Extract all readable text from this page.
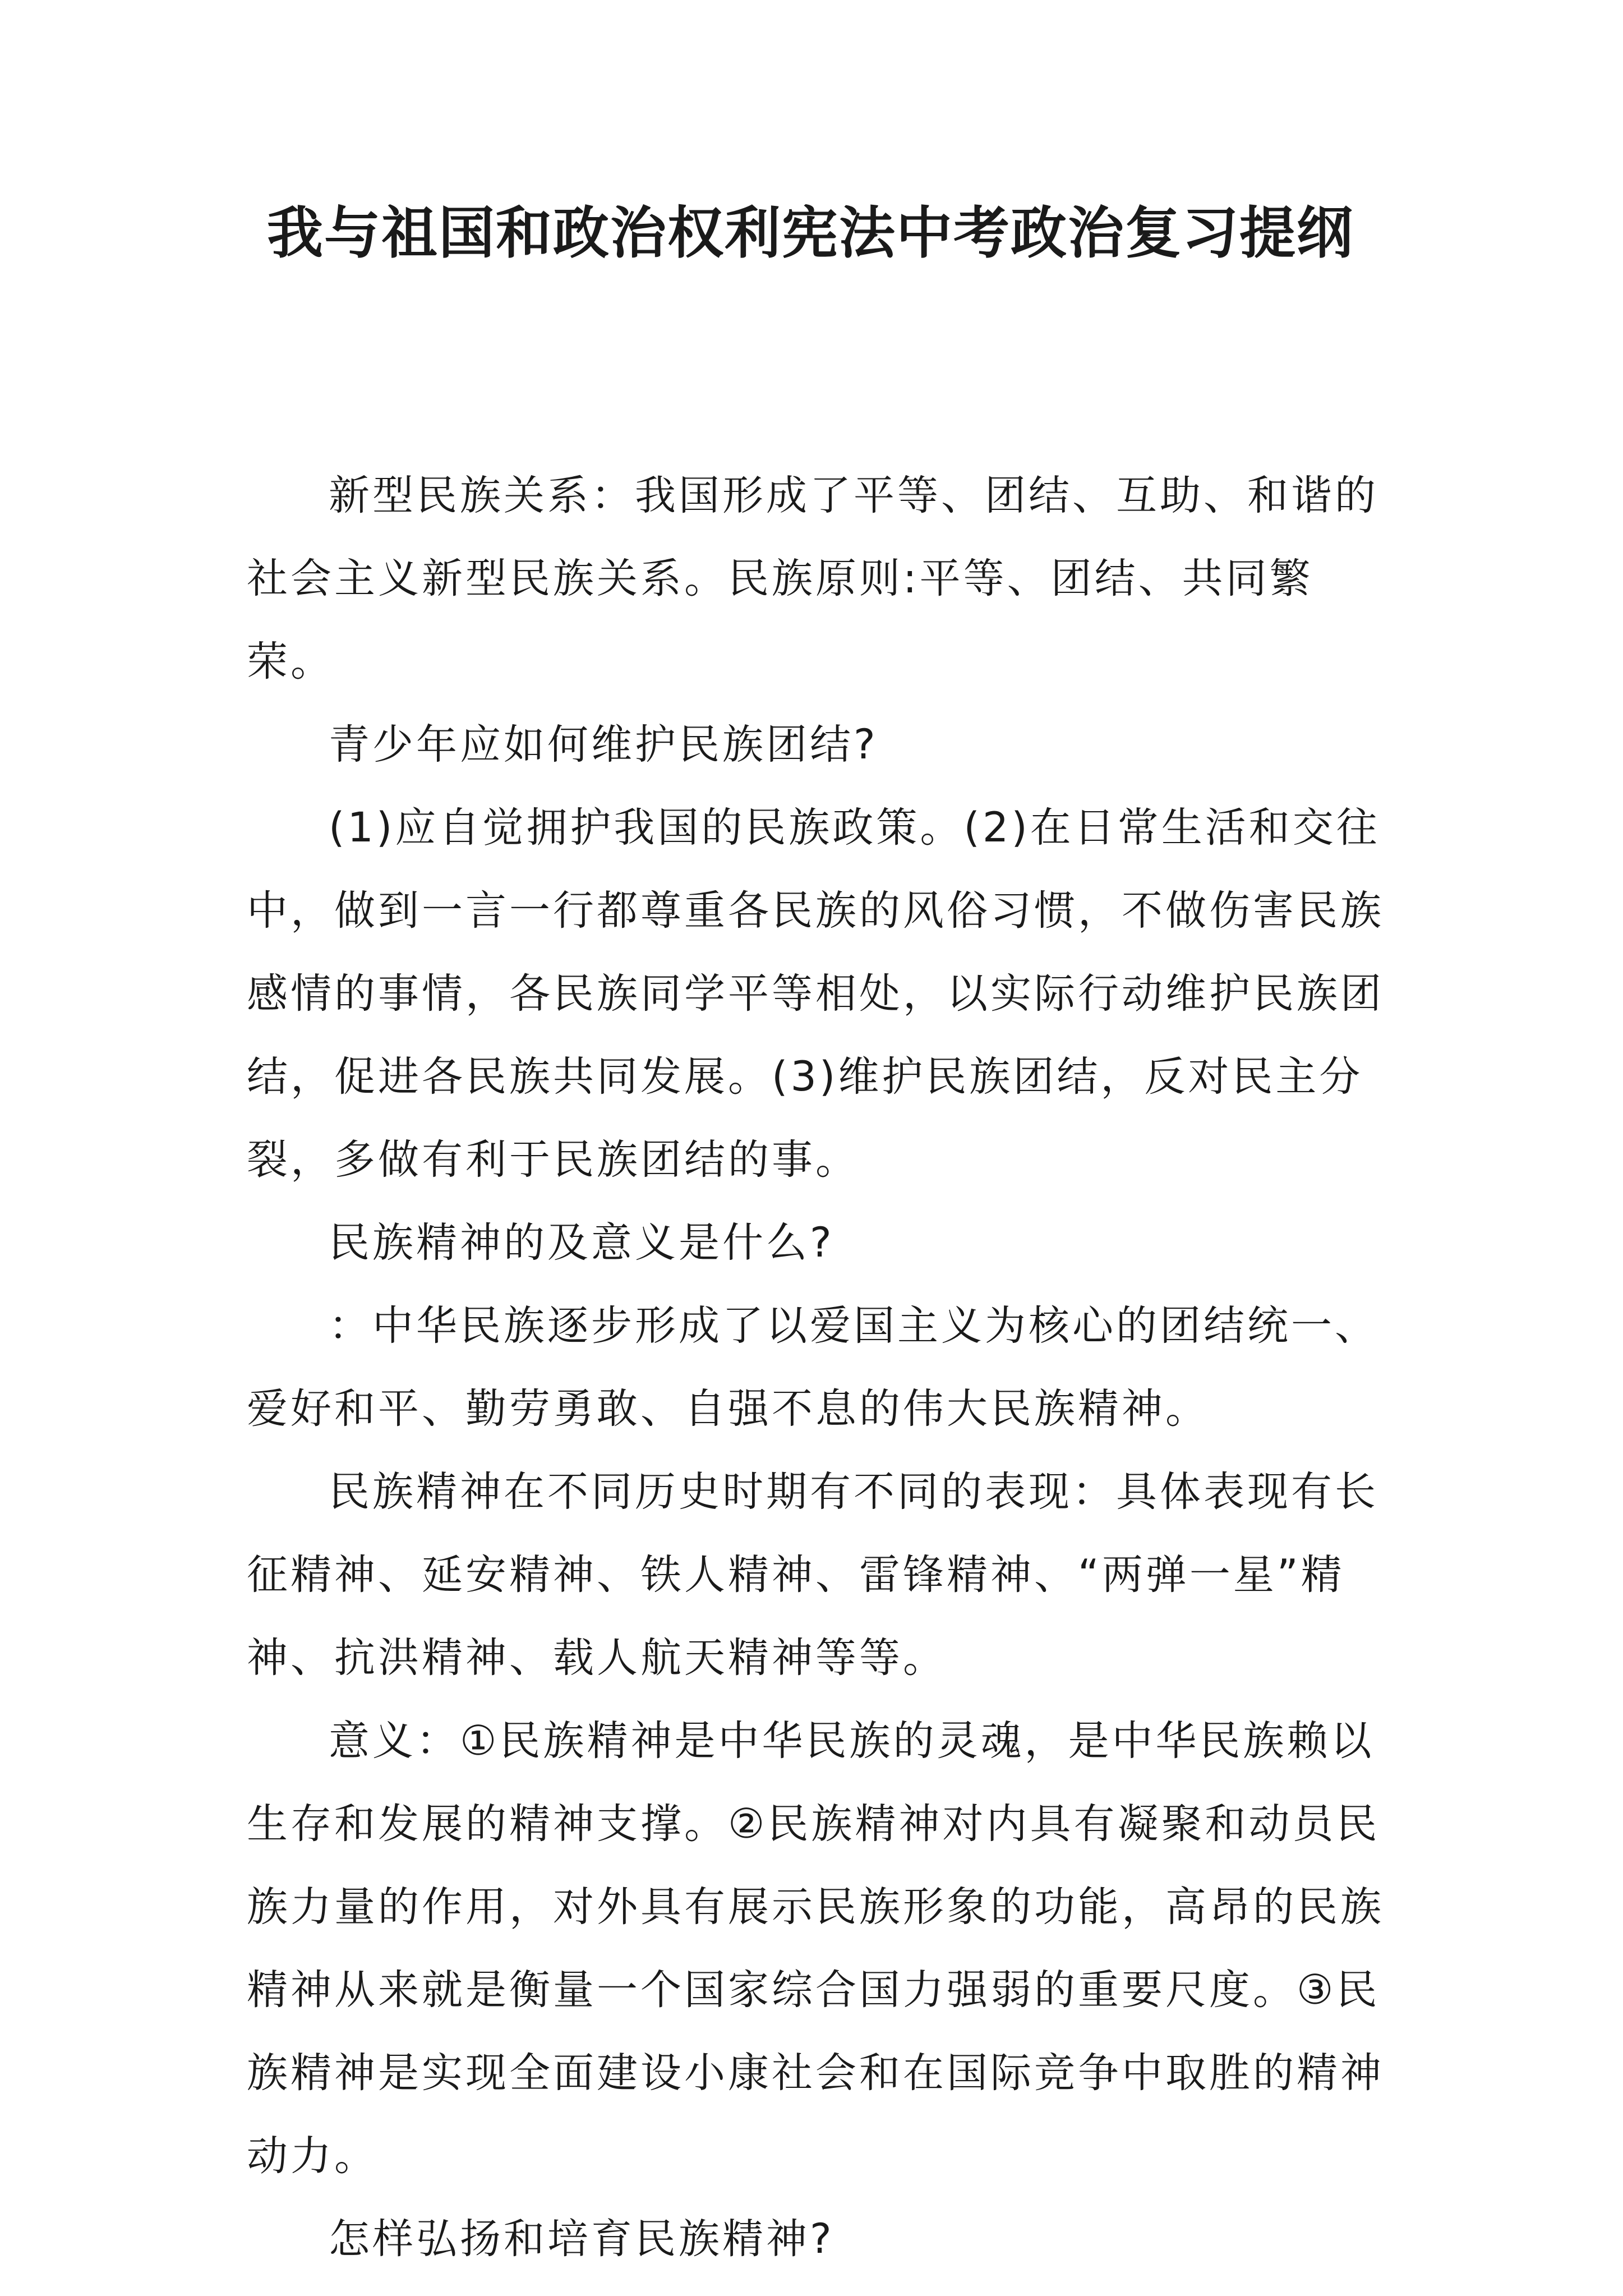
我与祖国和政治权利宪法中考政治复习提纲

新型民族关系：我国形成了平等、团结、互助、和谐的社会主义新型民族关系。民族原则:平等、团结、共同繁荣。

青少年应如何维护民族团结?

(1)应自觉拥护我国的民族政策。(2)在日常生活和交往中，做到一言一行都尊重各民族的风俗习惯，不做伤害民族感情的事情，各民族同学平等相处，以实际行动维护民族团结，促进各民族共同发展。(3)维护民族团结，反对民主分裂，多做有利于民族团结的事。

民族精神的及意义是什么?

：中华民族逐步形成了以爱国主义为核心的团结统一、爱好和平、勤劳勇敢、自强不息的伟大民族精神。

民族精神在不同历史时期有不同的表现：具体表现有长征精神、延安精神、铁人精神、雷锋精神、“两弹一星”精神、抗洪精神、载人航天精神等等。

意义：①民族精神是中华民族的灵魂，是中华民族赖以生存和发展的精神支撑。②民族精神对内具有凝聚和动员民族力量的作用，对外具有展示民族形象的功能，高昂的民族精神从来就是衡量一个国家综合国力强弱的重要尺度。③民族精神是实现全面建设小康社会和在国际竞争中取胜的精神动力。

怎样弘扬和培育民族精神?
